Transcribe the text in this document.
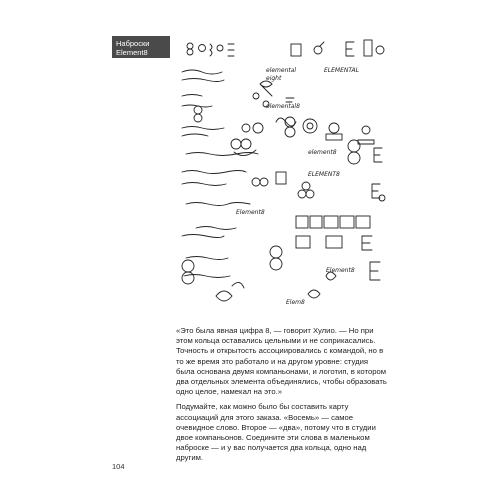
Наброски
Element8
elemental
eight
ELEMENTAL
elemental8
Element8
ELEMENT8
Element8
element8
Elem8

«Это была явная цифра 8, — говорит Хулио. — Но при этом кольца оставались цельными и не соприкасались. Точность и открытость ассоциировались с командой, но в то же время это работало и на другом уровне: студия была основана двумя компаньонами, и логотип, в котором два отдельных элемента объединялись, чтобы образовать одно целое, намекал на это.»

Подумайте, как можно было бы составить карту ассоциаций для этого заказа. «Восемь» — самое очевидное слово. Второе — «два», потому что в студии двое компаньонов. Соедините эти слова в маленьком наброске — и у вас получается два кольца, одно над другим.

104
